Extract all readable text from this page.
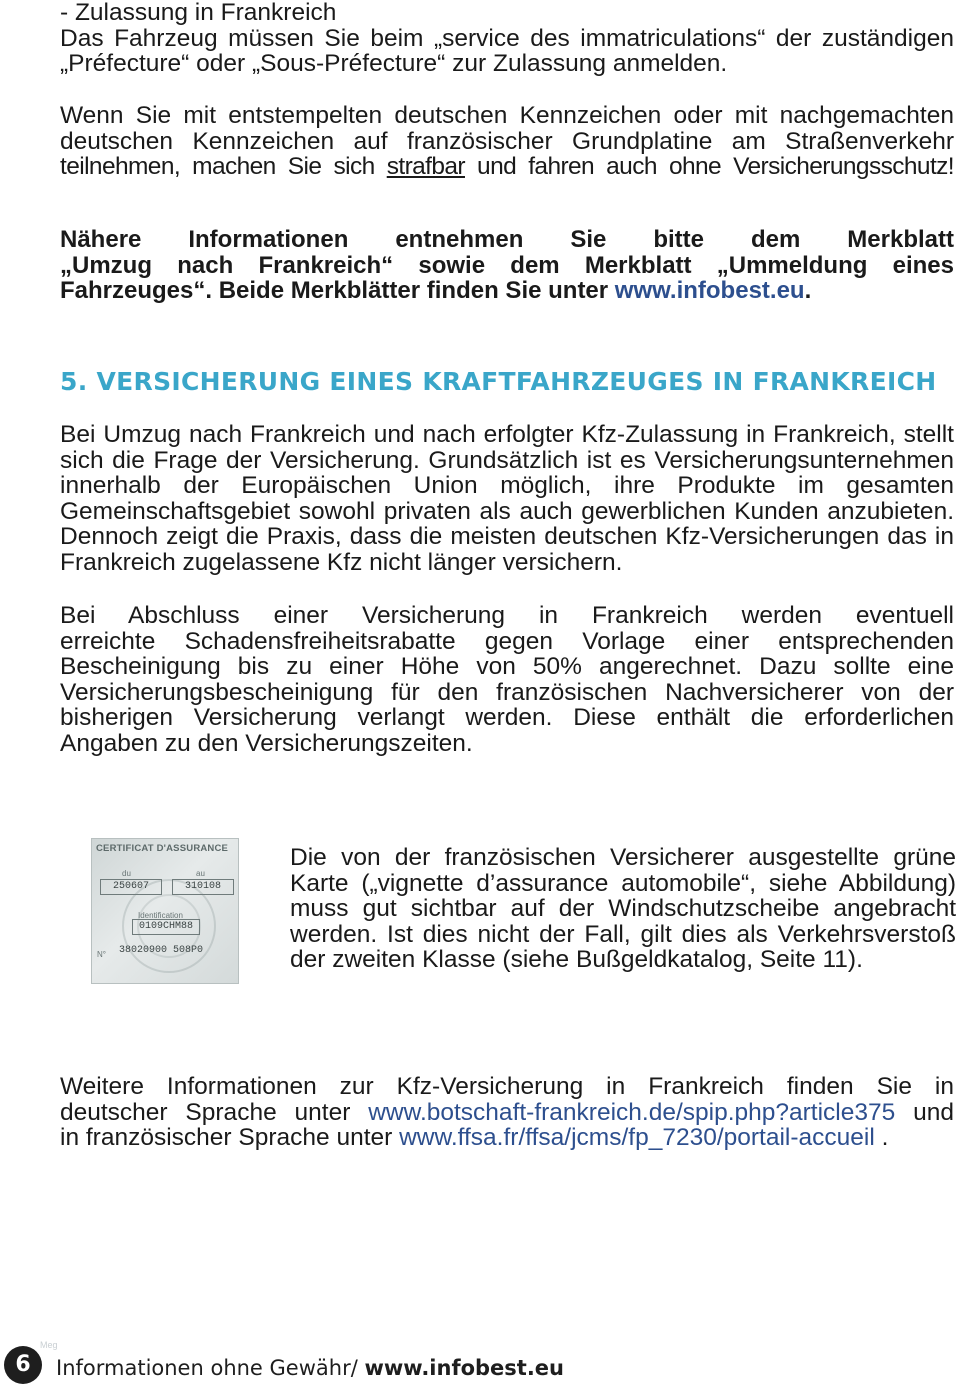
- Zulassung in Frankreich
Das Fahrzeug müssen Sie beim „service des immatriculations“ der zuständigen
„Préfecture“ oder „Sous-Préfecture“ zur Zulassung anmelden.
Wenn Sie mit entstempelten deutschen Kennzeichen oder mit nachgemachten
deutschen Kennzeichen auf französischer Grundplatine am Straßenverkehr
teilnehmen, machen Sie sich strafbar und fahren auch ohne Versicherungsschutz!
Nähere Informationen entnehmen Sie bitte dem Merkblatt
„Umzug nach Frankreich“ sowie dem Merkblatt „Ummeldung eines
Fahrzeuges“. Beide Merkblätter finden Sie unter www.infobest.eu.
5. VERSICHERUNG EINES KRAFTFAHRZEUGES IN FRANKREICH
Bei Umzug nach Frankreich und nach erfolgter Kfz-Zulassung in Frankreich, stellt
sich die Frage der Versicherung. Grundsätzlich ist es Versicherungsunternehmen
innerhalb der Europäischen Union möglich, ihre Produkte im gesamten
Gemeinschaftsgebiet sowohl privaten als auch gewerblichen Kunden anzubieten.
Dennoch zeigt die Praxis, dass die meisten deutschen Kfz-Versicherungen das in
Frankreich zugelassene Kfz nicht länger versichern.
Bei Abschluss einer Versicherung in Frankreich werden eventuell
erreichte Schadensfreiheitsrabatte gegen Vorlage einer entsprechenden
Bescheinigung bis zu einer Höhe von 50% angerechnet. Dazu sollte eine
Versicherungsbescheinigung für den französischen Nachversicherer von der
bisherigen Versicherung verlangt werden. Diese enthält die erforderlichen
Angaben zu den Versicherungszeiten.
CERTIFICAT D'ASSURANCE
du	au
250607	310108
Identification
0109CHM88
N° 38020900 508P0
Die von der französischen Versicherer ausgestellte grüne
Karte („vignette d’assurance automobile“, siehe Abbildung)
muss gut sichtbar auf der Windschutzscheibe angebracht
werden. Ist dies nicht der Fall, gilt dies als Verkehrsverstoß
der zweiten Klasse (siehe Bußgeldkatalog, Seite 11).
Weitere Informationen zur Kfz-Versicherung in Frankreich finden Sie in
deutscher Sprache unter www.botschaft-frankreich.de/spip.php?article375 und
in französischer Sprache unter www.ffsa.fr/ffsa/jcms/fp_7230/portail-accueil .
Meg
6	Informationen ohne Gewähr/ www.infobest.eu
